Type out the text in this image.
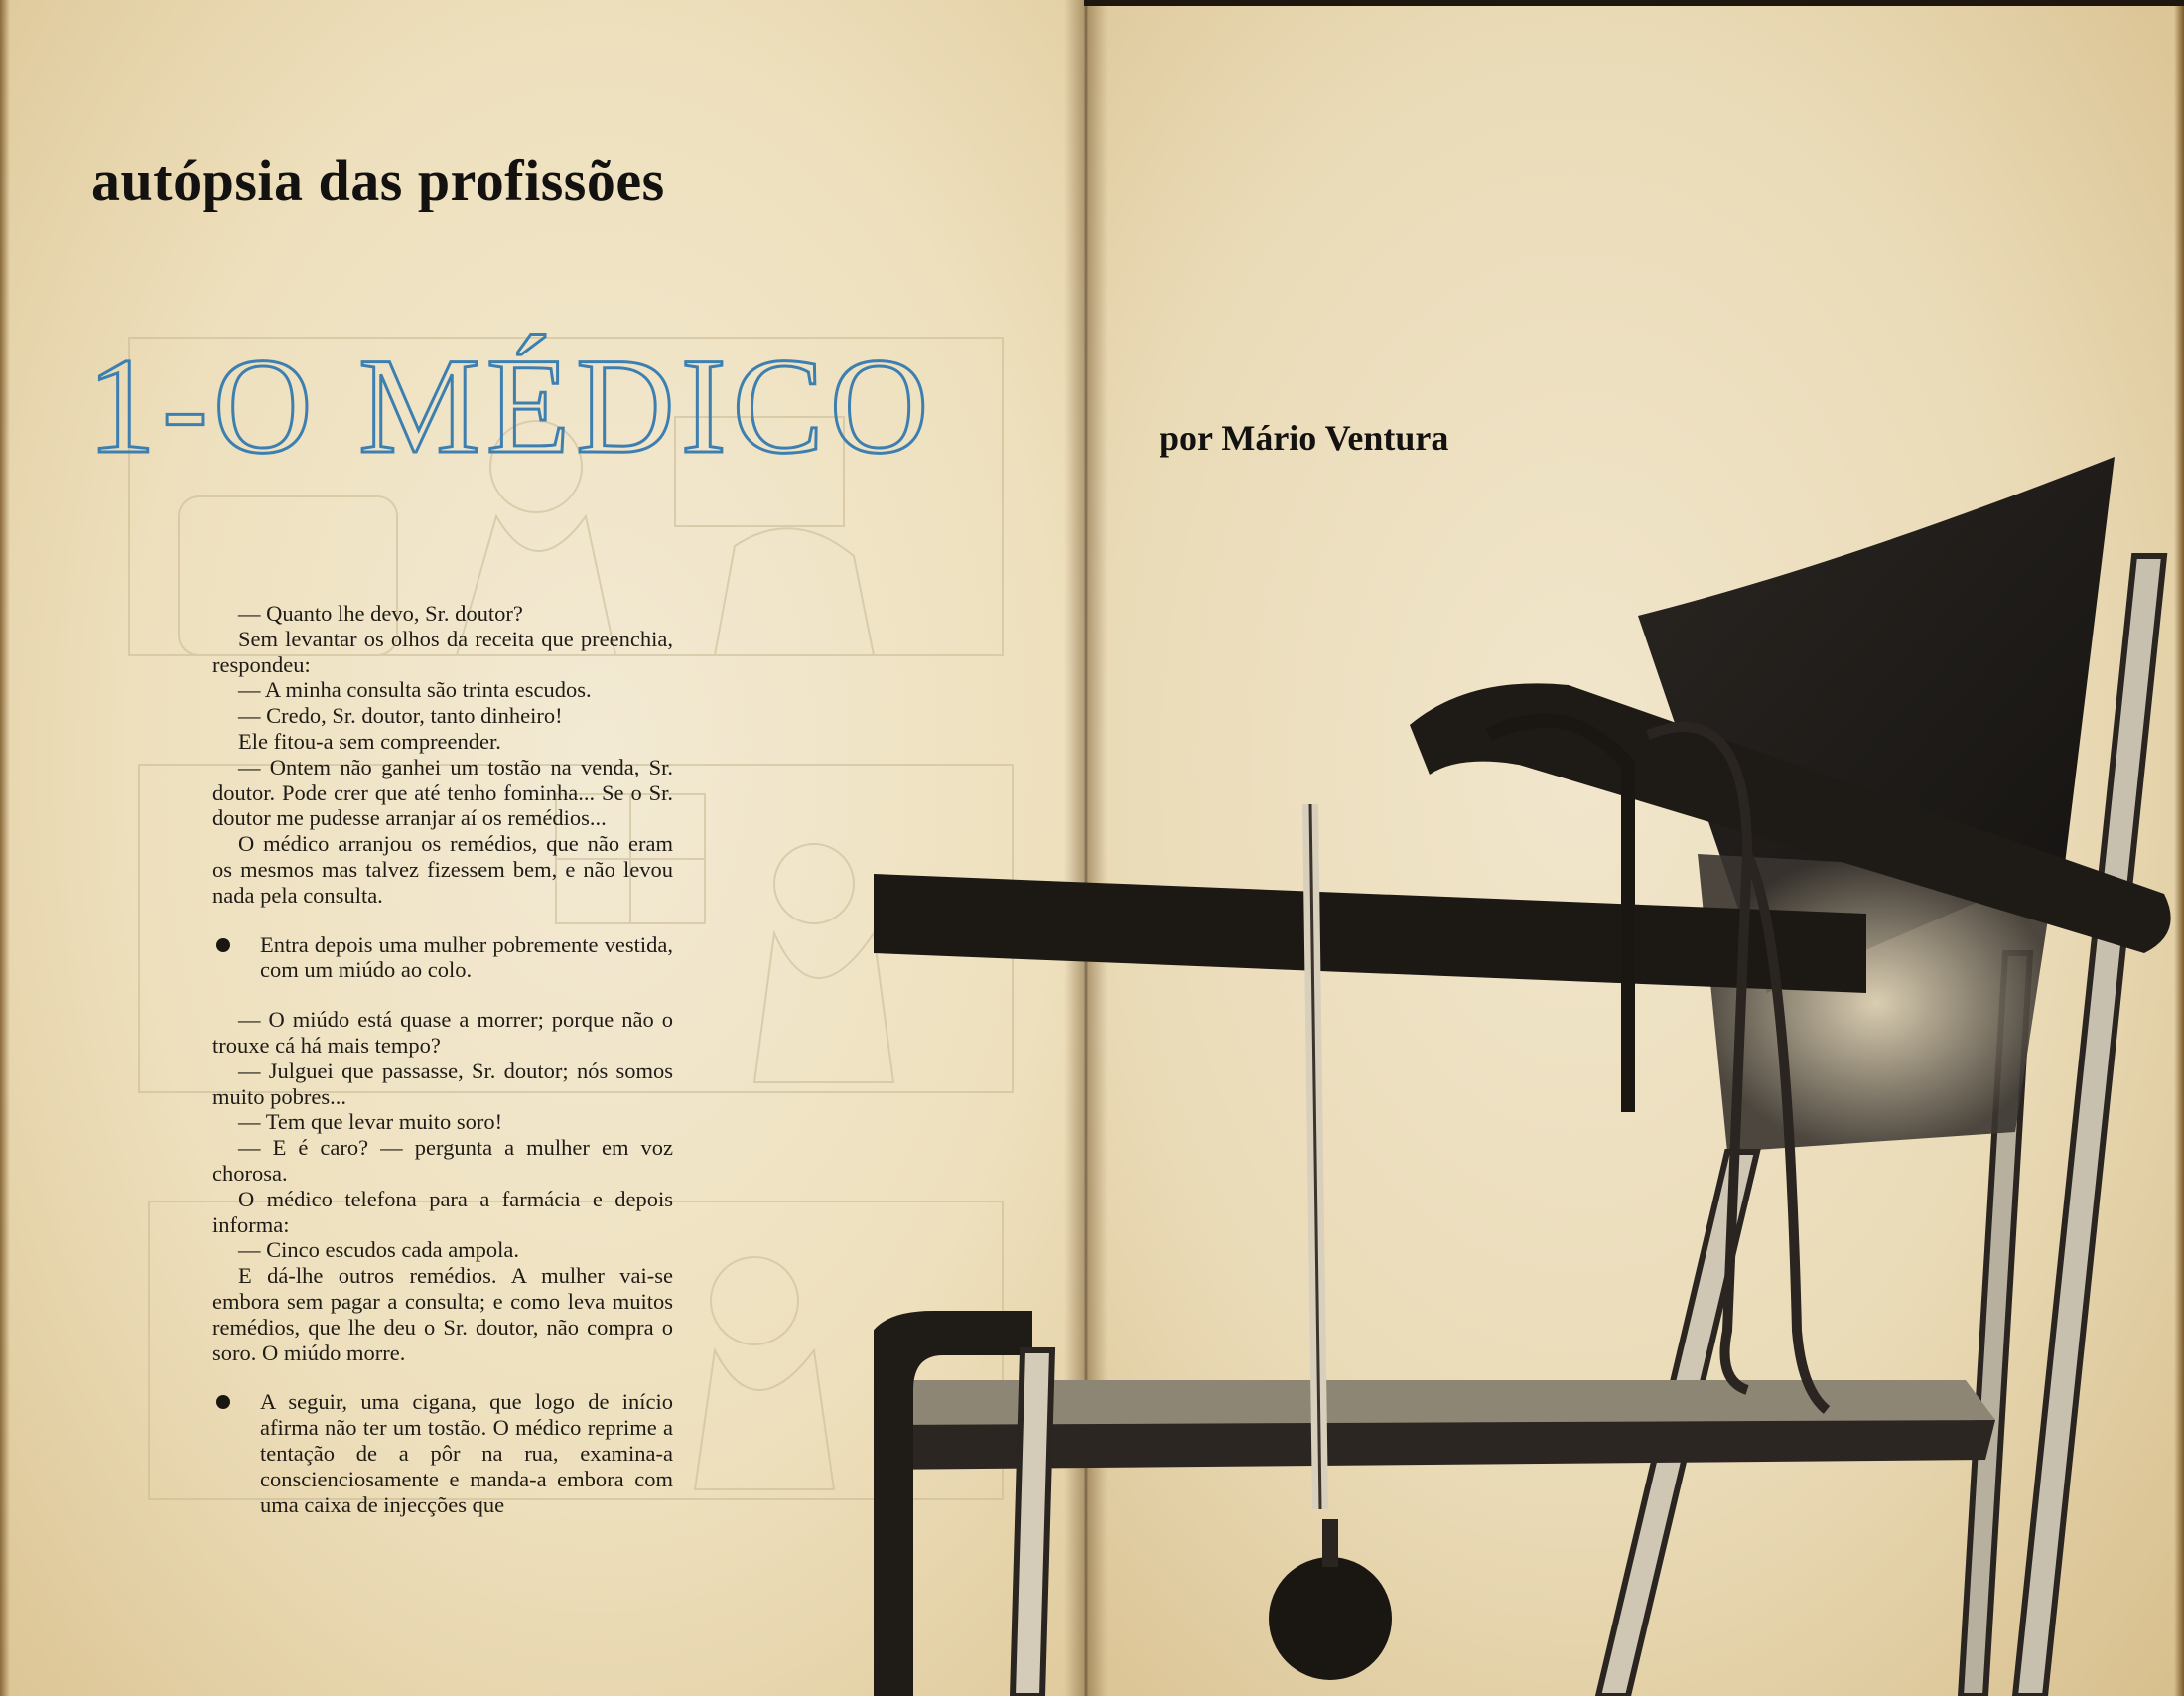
autópsia das profissões
1-O MÉDICO

— Quanto lhe devo, Sr. doutor?

Sem levantar os olhos da receita que preenchia, respondeu:

— A minha consulta são trinta escudos.

— Credo, Sr. doutor, tanto dinheiro!

Ele fitou-a sem compreender.

— Ontem não ganhei um tostão na venda, Sr. doutor. Pode crer que até tenho fominha... Se o Sr. doutor me pudesse arranjar aí os remédios...

O médico arranjou os remédios, que não eram os mesmos mas talvez fizessem bem, e não levou nada pela consulta.

Entra depois uma mulher pobremente vestida, com um miúdo ao colo.

— O miúdo está quase a morrer; porque não o trouxe cá há mais tempo?

— Julguei que passasse, Sr. doutor; nós somos muito pobres...

— Tem que levar muito soro!

— E é caro? — pergunta a mulher em voz chorosa.

O médico telefona para a farmácia e depois informa:

— Cinco escudos cada ampola.

E dá-lhe outros remédios. A mulher vai-se embora sem pagar a consulta; e como leva muitos remédios, que lhe deu o Sr. doutor, não compra o soro. O miúdo morre.

A seguir, uma cigana, que logo de início afirma não ter um tostão. O médico reprime a tentação de a pôr na rua, examina-a conscienciosamente e manda-a embora com uma caixa de injecções que

por Mário Ventura
